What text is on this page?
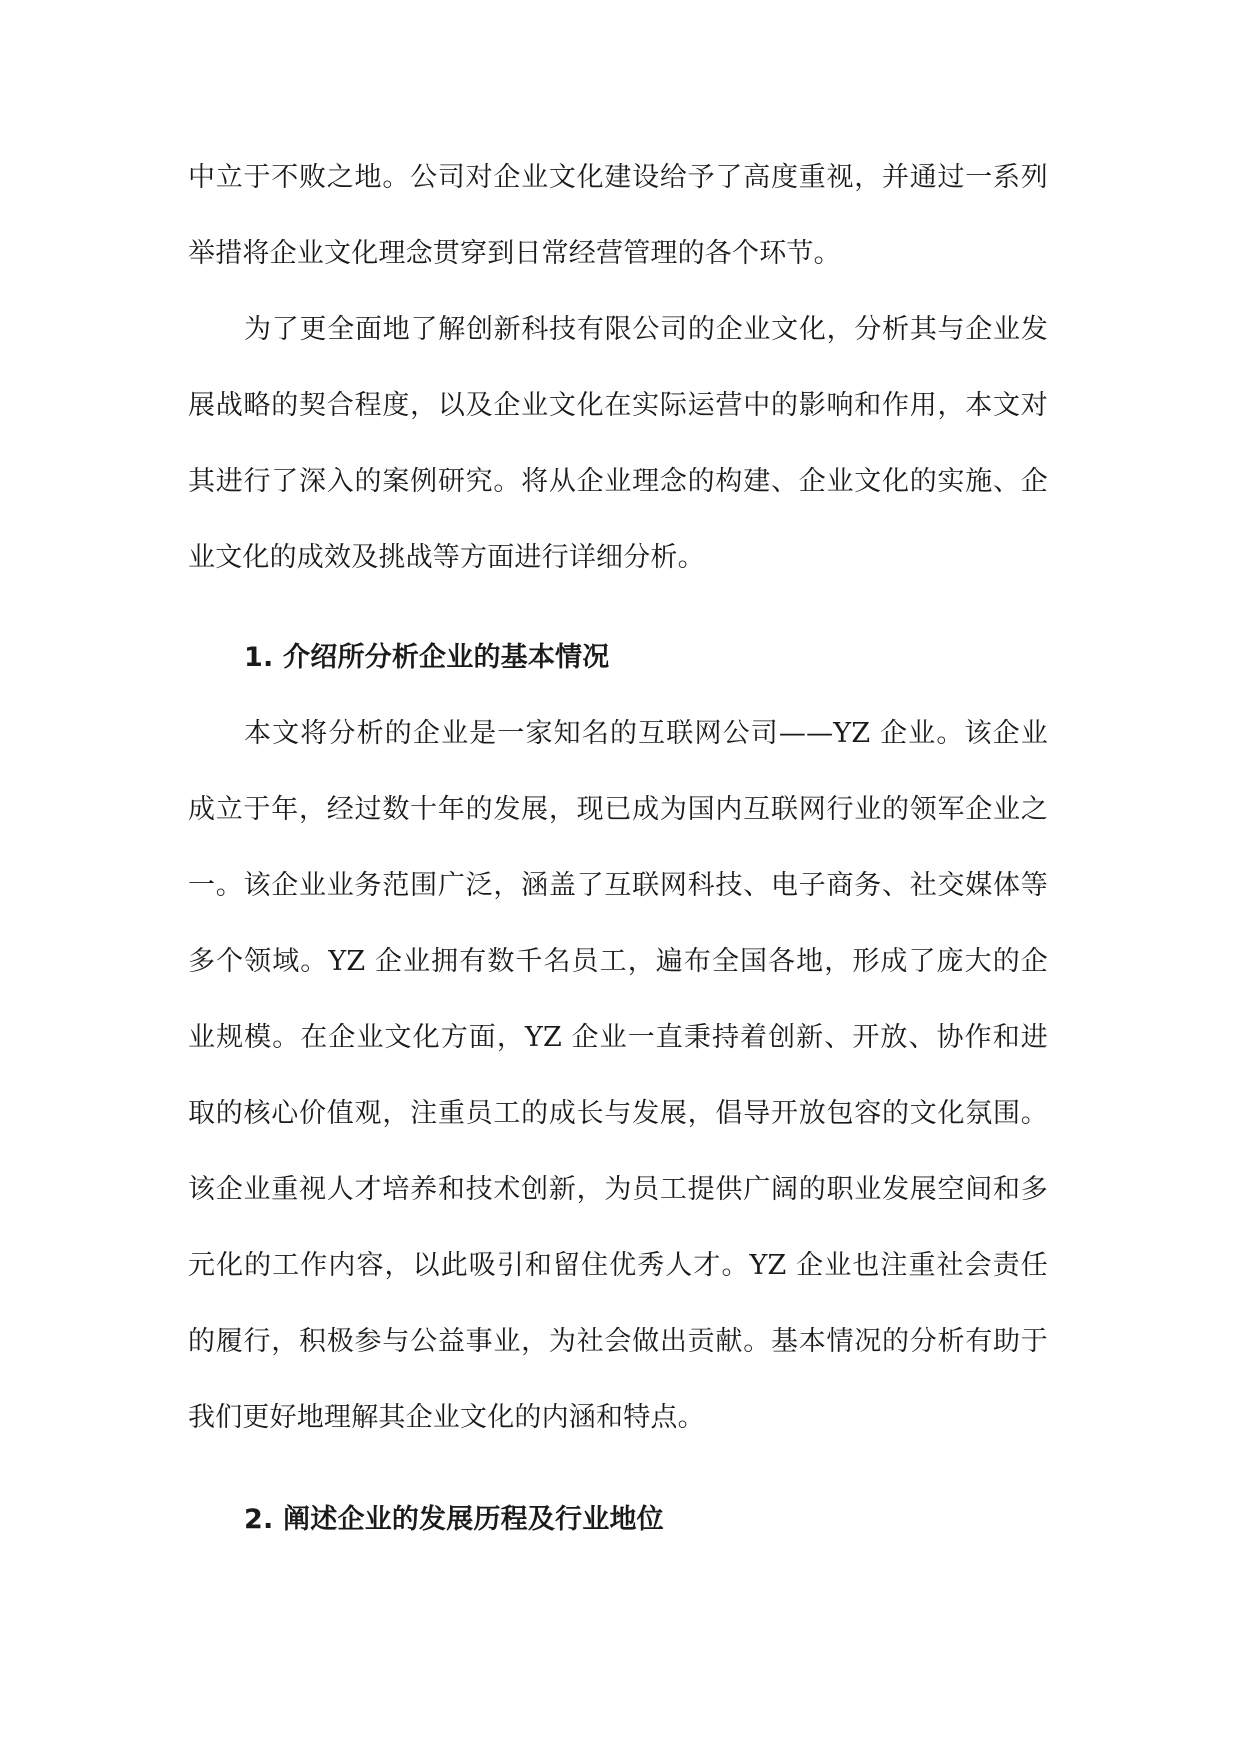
中立于不败之地。公司对企业文化建设给予了高度重视，并通过一系列举措将企业文化理念贯穿到日常经营管理的各个环节。

为了更全面地了解创新科技有限公司的企业文化，分析其与企业发展战略的契合程度，以及企业文化在实际运营中的影响和作用，本文对其进行了深入的案例研究。将从企业理念的构建、企业文化的实施、企业文化的成效及挑战等方面进行详细分析。

1. 介绍所分析企业的基本情况

本文将分析的企业是一家知名的互联网公司——YZ 企业。该企业成立于年，经过数十年的发展，现已成为国内互联网行业的领军企业之一。该企业业务范围广泛，涵盖了互联网科技、电子商务、社交媒体等多个领域。YZ 企业拥有数千名员工，遍布全国各地，形成了庞大的企业规模。在企业文化方面，YZ 企业一直秉持着创新、开放、协作和进取的核心价值观，注重员工的成长与发展，倡导开放包容的文化氛围。该企业重视人才培养和技术创新，为员工提供广阔的职业发展空间和多元化的工作内容，以此吸引和留住优秀人才。YZ 企业也注重社会责任的履行，积极参与公益事业，为社会做出贡献。基本情况的分析有助于我们更好地理解其企业文化的内涵和特点。

2. 阐述企业的发展历程及行业地位
